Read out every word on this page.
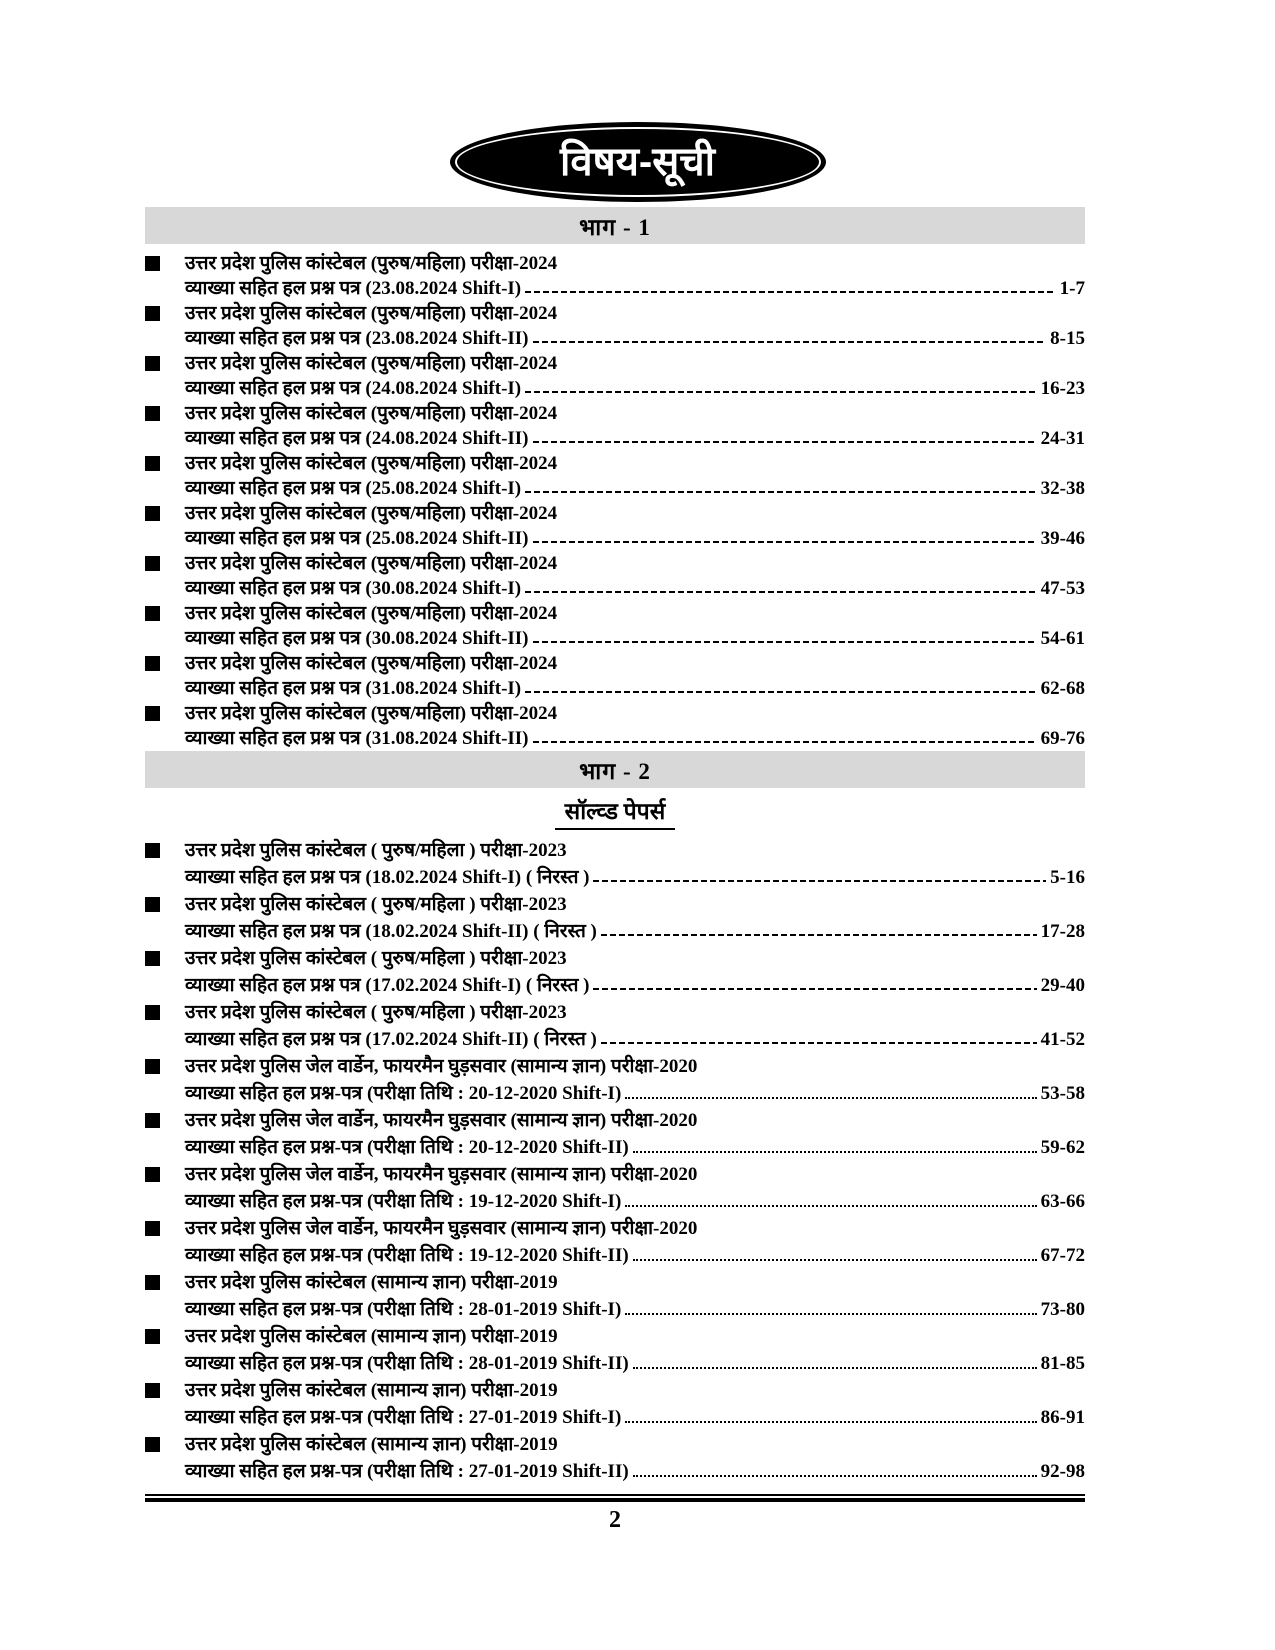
विषय-सूची
भाग - 1
उत्तर प्रदेश पुलिस कांस्टेबल (पुरुष/महिला) परीक्षा-2024
व्याख्या सहित हल प्रश्न पत्र (23.08.2024 Shift-I)	1-7
उत्तर प्रदेश पुलिस कांस्टेबल (पुरुष/महिला) परीक्षा-2024
व्याख्या सहित हल प्रश्न पत्र (23.08.2024 Shift-II)	8-15
उत्तर प्रदेश पुलिस कांस्टेबल (पुरुष/महिला) परीक्षा-2024
व्याख्या सहित हल प्रश्न पत्र (24.08.2024 Shift-I)	16-23
उत्तर प्रदेश पुलिस कांस्टेबल (पुरुष/महिला) परीक्षा-2024
व्याख्या सहित हल प्रश्न पत्र (24.08.2024 Shift-II)	24-31
उत्तर प्रदेश पुलिस कांस्टेबल (पुरुष/महिला) परीक्षा-2024
व्याख्या सहित हल प्रश्न पत्र (25.08.2024 Shift-I)	32-38
उत्तर प्रदेश पुलिस कांस्टेबल (पुरुष/महिला) परीक्षा-2024
व्याख्या सहित हल प्रश्न पत्र (25.08.2024 Shift-II)	39-46
उत्तर प्रदेश पुलिस कांस्टेबल (पुरुष/महिला) परीक्षा-2024
व्याख्या सहित हल प्रश्न पत्र (30.08.2024 Shift-I)	47-53
उत्तर प्रदेश पुलिस कांस्टेबल (पुरुष/महिला) परीक्षा-2024
व्याख्या सहित हल प्रश्न पत्र (30.08.2024 Shift-II)	54-61
उत्तर प्रदेश पुलिस कांस्टेबल (पुरुष/महिला) परीक्षा-2024
व्याख्या सहित हल प्रश्न पत्र (31.08.2024 Shift-I)	62-68
उत्तर प्रदेश पुलिस कांस्टेबल (पुरुष/महिला) परीक्षा-2024
व्याख्या सहित हल प्रश्न पत्र (31.08.2024 Shift-II)	69-76
भाग - 2
सॉल्व्ड पेपर्स
उत्तर प्रदेश पुलिस कांस्टेबल ( पुरुष/महिला ) परीक्षा-2023
व्याख्या सहित हल प्रश्न पत्र (18.02.2024 Shift-I) ( निरस्त )	5-16
उत्तर प्रदेश पुलिस कांस्टेबल ( पुरुष/महिला ) परीक्षा-2023
व्याख्या सहित हल प्रश्न पत्र (18.02.2024 Shift-II) ( निरस्त )	17-28
उत्तर प्रदेश पुलिस कांस्टेबल ( पुरुष/महिला ) परीक्षा-2023
व्याख्या सहित हल प्रश्न पत्र (17.02.2024 Shift-I) ( निरस्त )	29-40
उत्तर प्रदेश पुलिस कांस्टेबल ( पुरुष/महिला ) परीक्षा-2023
व्याख्या सहित हल प्रश्न पत्र (17.02.2024 Shift-II) ( निरस्त )	41-52
उत्तर प्रदेश पुलिस जेल वार्डेन, फायरमैन घुड़सवार (सामान्य ज्ञान) परीक्षा-2020
व्याख्या सहित हल प्रश्न-पत्र (परीक्षा तिथि : 20-12-2020 Shift-I)	53-58
उत्तर प्रदेश पुलिस जेल वार्डेन, फायरमैन घुड़सवार (सामान्य ज्ञान) परीक्षा-2020
व्याख्या सहित हल प्रश्न-पत्र (परीक्षा तिथि : 20-12-2020 Shift-II)	59-62
उत्तर प्रदेश पुलिस जेल वार्डेन, फायरमैन घुड़सवार (सामान्य ज्ञान) परीक्षा-2020
व्याख्या सहित हल प्रश्न-पत्र (परीक्षा तिथि : 19-12-2020 Shift-I)	63-66
उत्तर प्रदेश पुलिस जेल वार्डेन, फायरमैन घुड़सवार (सामान्य ज्ञान) परीक्षा-2020
व्याख्या सहित हल प्रश्न-पत्र (परीक्षा तिथि : 19-12-2020 Shift-II)	67-72
उत्तर प्रदेश पुलिस कांस्टेबल (सामान्य ज्ञान) परीक्षा-2019
व्याख्या सहित हल प्रश्न-पत्र (परीक्षा तिथि : 28-01-2019 Shift-I)	73-80
उत्तर प्रदेश पुलिस कांस्टेबल (सामान्य ज्ञान) परीक्षा-2019
व्याख्या सहित हल प्रश्न-पत्र (परीक्षा तिथि : 28-01-2019 Shift-II)	81-85
उत्तर प्रदेश पुलिस कांस्टेबल (सामान्य ज्ञान) परीक्षा-2019
व्याख्या सहित हल प्रश्न-पत्र (परीक्षा तिथि : 27-01-2019 Shift-I)	86-91
उत्तर प्रदेश पुलिस कांस्टेबल (सामान्य ज्ञान) परीक्षा-2019
व्याख्या सहित हल प्रश्न-पत्र (परीक्षा तिथि : 27-01-2019 Shift-II)	92-98
2
